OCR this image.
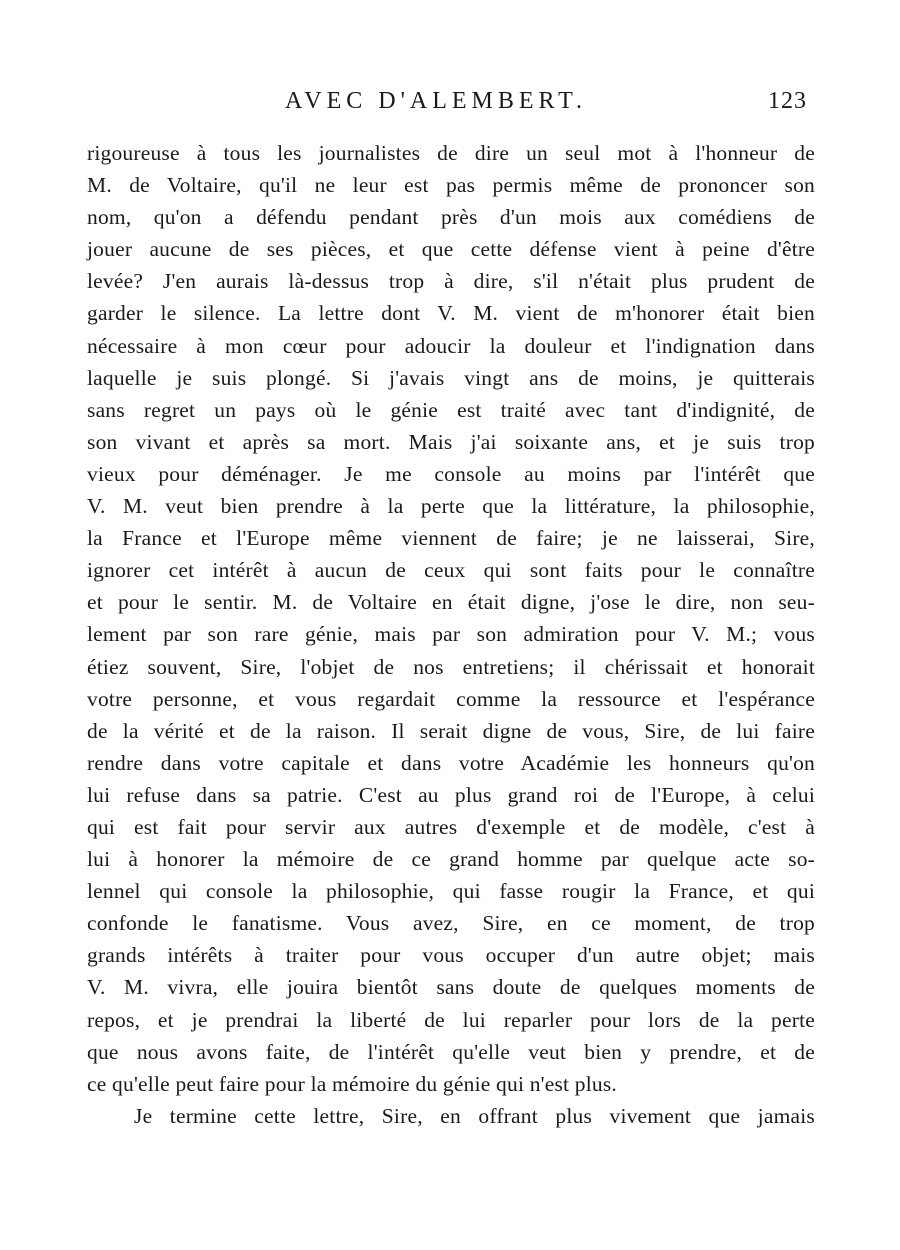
AVEC D'ALEMBERT.	123
rigoureuse à tous les journalistes de dire un seul mot à l'honneur de
M. de Voltaire, qu'il ne leur est pas permis même de prononcer son
nom, qu'on a défendu pendant près d'un mois aux comédiens de
jouer aucune de ses pièces, et que cette défense vient à peine d'être
levée? J'en aurais là-dessus trop à dire, s'il n'était plus prudent de
garder le silence. La lettre dont V. M. vient de m'honorer était bien
nécessaire à mon cœur pour adoucir la douleur et l'indignation dans
laquelle je suis plongé. Si j'avais vingt ans de moins, je quitterais
sans regret un pays où le génie est traité avec tant d'indignité, de
son vivant et après sa mort. Mais j'ai soixante ans, et je suis trop
vieux pour déménager. Je me console au moins par l'intérêt que
V. M. veut bien prendre à la perte que la littérature, la philosophie,
la France et l'Europe même viennent de faire; je ne laisserai, Sire,
ignorer cet intérêt à aucun de ceux qui sont faits pour le connaître
et pour le sentir. M. de Voltaire en était digne, j'ose le dire, non seu-
lement par son rare génie, mais par son admiration pour V. M.; vous
étiez souvent, Sire, l'objet de nos entretiens; il chérissait et honorait
votre personne, et vous regardait comme la ressource et l'espérance
de la vérité et de la raison. Il serait digne de vous, Sire, de lui faire
rendre dans votre capitale et dans votre Académie les honneurs qu'on
lui refuse dans sa patrie. C'est au plus grand roi de l'Europe, à celui
qui est fait pour servir aux autres d'exemple et de modèle, c'est à
lui à honorer la mémoire de ce grand homme par quelque acte so-
lennel qui console la philosophie, qui fasse rougir la France, et qui
confonde le fanatisme. Vous avez, Sire, en ce moment, de trop
grands intérêts à traiter pour vous occuper d'un autre objet; mais
V. M. vivra, elle jouira bientôt sans doute de quelques moments de
repos, et je prendrai la liberté de lui reparler pour lors de la perte
que nous avons faite, de l'intérêt qu'elle veut bien y prendre, et de
ce qu'elle peut faire pour la mémoire du génie qui n'est plus.
Je termine cette lettre, Sire, en offrant plus vivement que jamais
